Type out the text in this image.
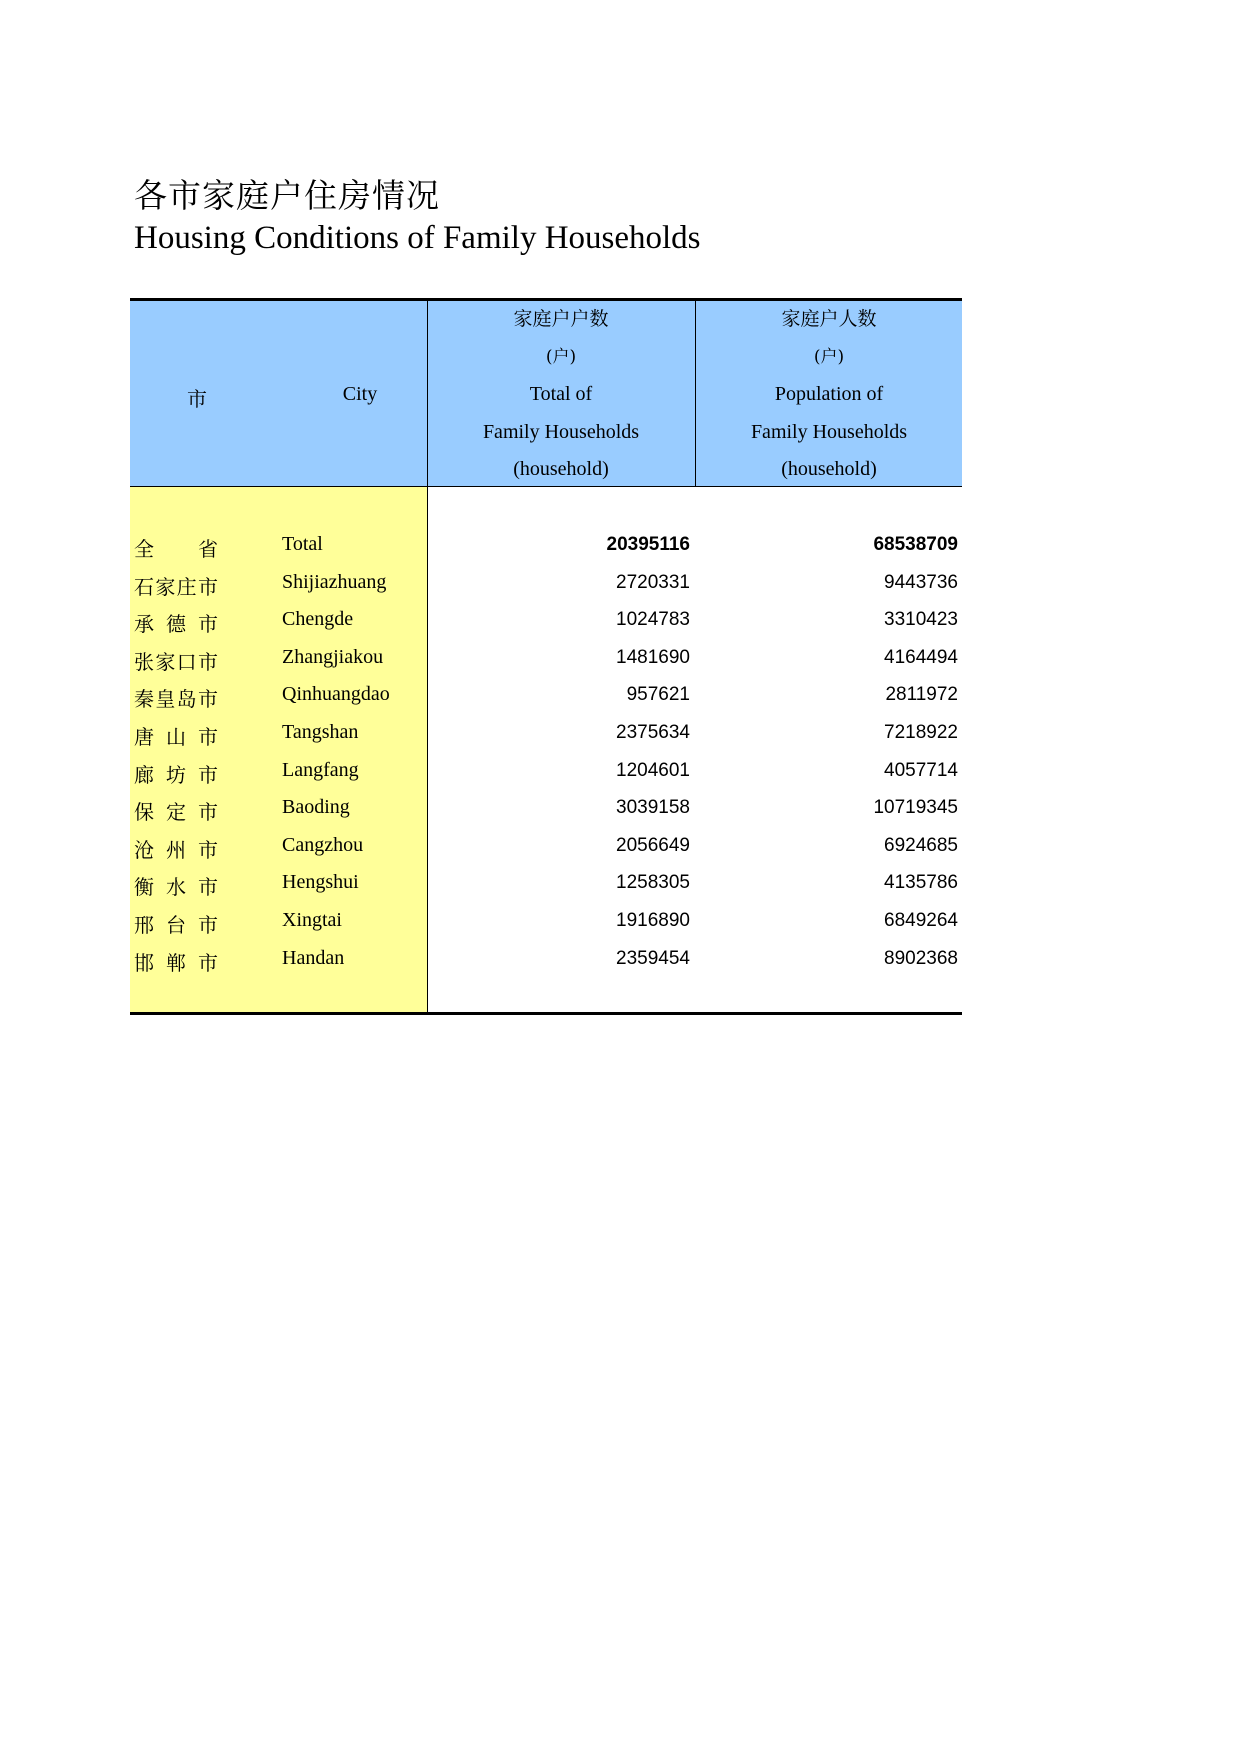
各市家庭户住房情况
Housing Conditions of Family Households
市	City
家庭户户数
(户)
Total of
Family Households
(household)
家庭户人数
(户)
Population of
Family Households
(household)
全　　省	Total	20395116	68538709
石家庄市	Shijiazhuang	2720331	9443736
承 德 市	Chengde	1024783	3310423
张家口市	Zhangjiakou	1481690	4164494
秦皇岛市	Qinhuangdao	957621	2811972
唐 山 市	Tangshan	2375634	7218922
廊 坊 市	Langfang	1204601	4057714
保 定 市	Baoding	3039158	10719345
沧 州 市	Cangzhou	2056649	6924685
衡 水 市	Hengshui	1258305	4135786
邢 台 市	Xingtai	1916890	6849264
邯 郸 市	Handan	2359454	8902368
